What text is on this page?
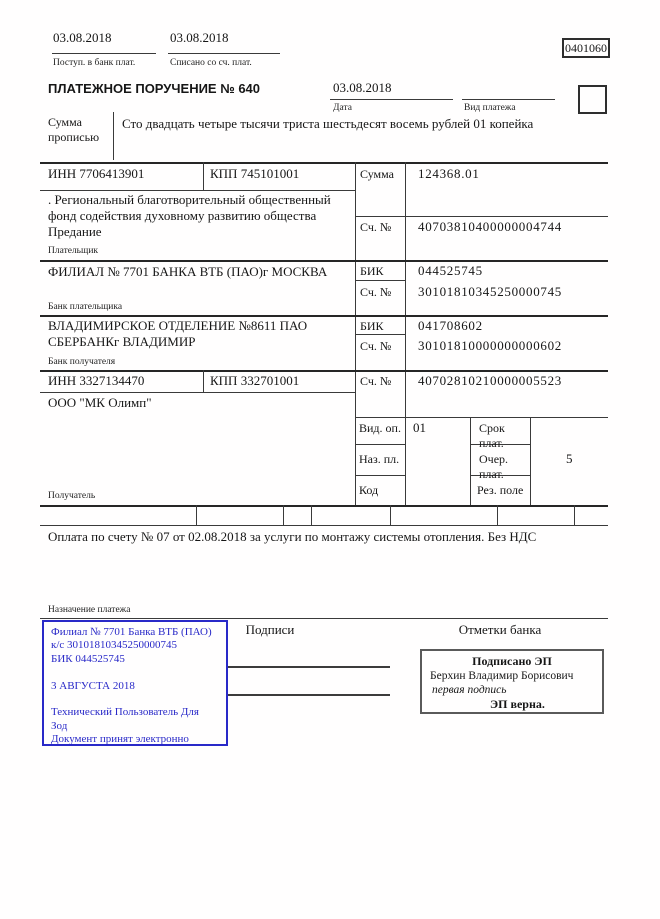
03.08.2018
Поступ. в банк плат.
03.08.2018
Списано со сч. плат.
0401060
ПЛАТЕЖНОЕ ПОРУЧЕНИЕ № 640	03.08.2018
Дата	Вид платежа
Сумма прописью
Сто двадцать четыре тысячи триста шестьдесят восемь рублей 01 копейка
ИНН 7706413901	КПП 745101001	Сумма 124368.01
. Региональный благотворительный общественный фонд содействия духовному развитию общества Предание
Плательщик
Сч. № 40703810400000004744
ФИЛИАЛ № 7701 БАНКА ВТБ (ПАО)г МОСКВА	БИК	044525745
Сч. № 30101810345250000745
Банк плательщика
ВЛАДИМИРСКОЕ ОТДЕЛЕНИЕ №8611 ПАО СБЕРБАНКг ВЛАДИМИР
БИК	041708602
Сч. № 30101810000000000602
Банк получателя
ИНН 3327134470	КПП 332701001	Сч. № 40702810210000005523
ООО "МК Олимп"
Получатель
Вид. оп. 01	Срок плат.
Наз. пл.	Очер. плат.
5
Код	Рез. поле
Оплата по счету № 07 от 02.08.2018 за услуги по монтажу системы отопления. Без НДС
Назначение платежа
Подписи	Отметки банка
Филиал № 7701 Банка ВТБ (ПАО)
к/с 30101810345250000745
БИК 044525745
3 АВГУСТА 2018
Технический Пользователь Для
Зод
Документ принят электронно
Подписано ЭП
Берхин Владимир Борисович
первая подпись
ЭП верна.
